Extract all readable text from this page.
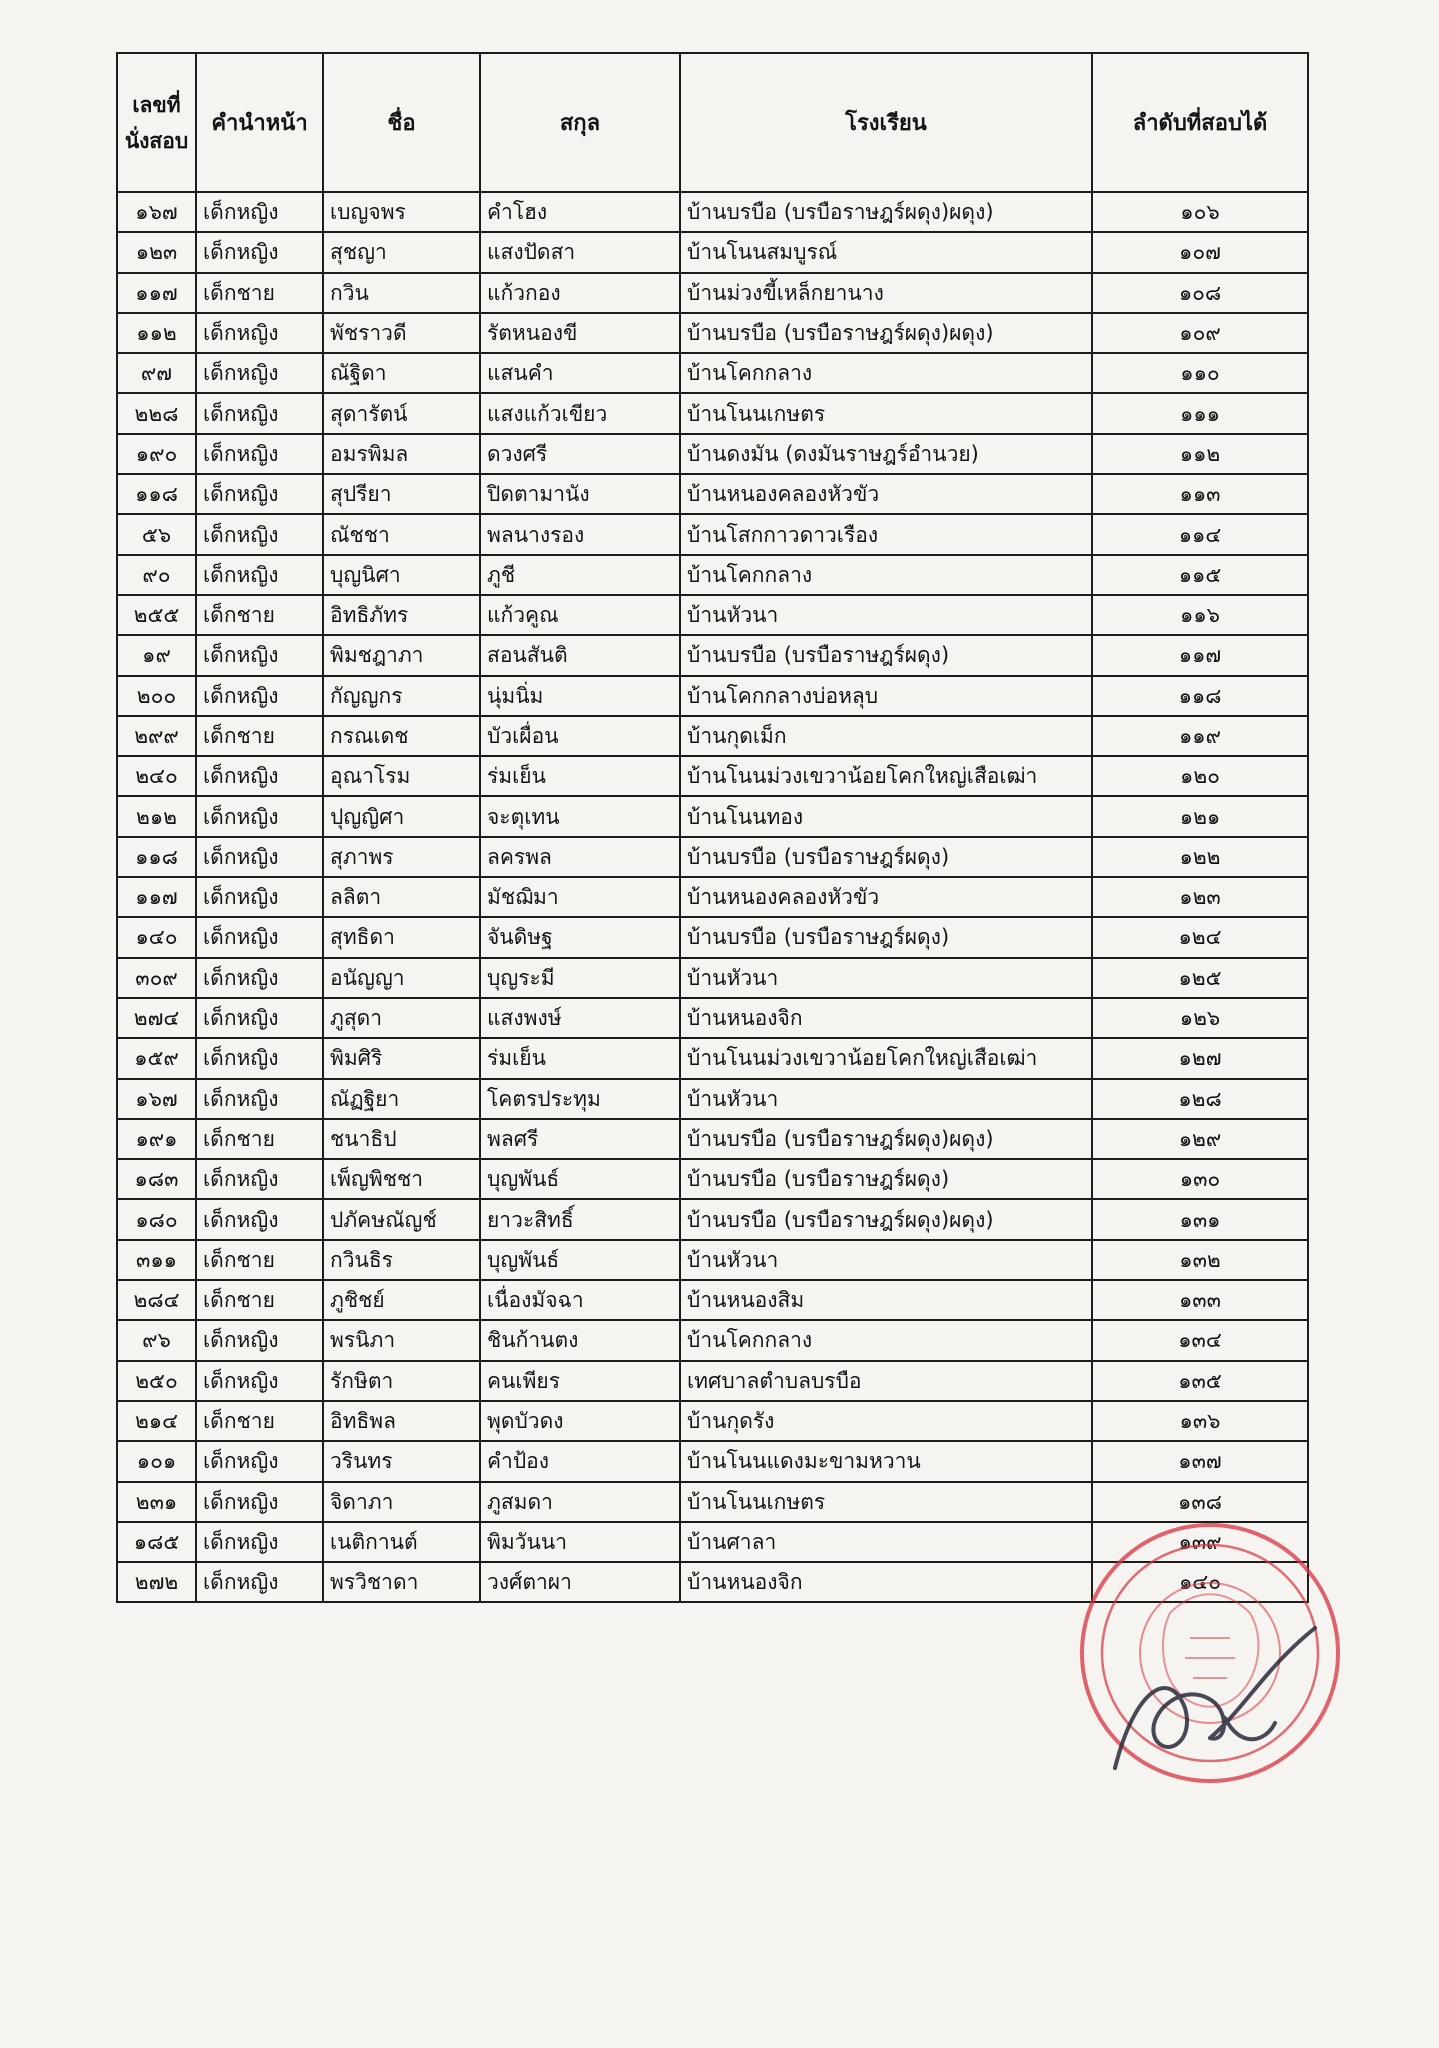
เลขที่นั่งสอบ	คำนำหน้า	ชื่อ	สกุล	โรงเรียน	ลำดับที่สอบได้
๑๖๗	เด็กหญิง	เบญจพร	คำโฮง	บ้านบรบือ (บรบือราษฎร์ผดุง)ผดุง)	๑๐๖
๑๒๓	เด็กหญิง	สุชญา	แสงปัดสา	บ้านโนนสมบูรณ์	๑๐๗
๑๑๗	เด็กชาย	กวิน	แก้วกอง	บ้านม่วงขี้เหล็กยานาง	๑๐๘
๑๑๒	เด็กหญิง	พัชราวดี	รัตหนองขี	บ้านบรบือ (บรบือราษฎร์ผดุง)ผดุง)	๑๐๙
๙๗	เด็กหญิง	ณัฐิดา	แสนคำ	บ้านโคกกลาง	๑๑๐
๒๒๘	เด็กหญิง	สุดารัตน์	แสงแก้วเขียว	บ้านโนนเกษตร	๑๑๑
๑๙๐	เด็กหญิง	อมรพิมล	ดวงศรี	บ้านดงมัน (ดงมันราษฎร์อำนวย)	๑๑๒
๑๑๘	เด็กหญิง	สุปรียา	ปิดตามานัง	บ้านหนองคลองหัวขัว	๑๑๓
๕๖	เด็กหญิง	ณัชชา	พลนางรอง	บ้านโสกกาวดาวเรือง	๑๑๔
๙๐	เด็กหญิง	บุญนิศา	ภูชี	บ้านโคกกลาง	๑๑๕
๒๕๕	เด็กชาย	อิทธิภัทร	แก้วคูณ	บ้านหัวนา	๑๑๖
๑๙	เด็กหญิง	พิมชฎาภา	สอนสันติ	บ้านบรบือ (บรบือราษฎร์ผดุง)	๑๑๗
๒๐๐	เด็กหญิง	กัญญกร	นุ่มนิ่ม	บ้านโคกกลางบ่อหลุบ	๑๑๘
๒๙๙	เด็กชาย	กรณเดช	บัวเผื่อน	บ้านกุดเม็ก	๑๑๙
๒๔๐	เด็กหญิง	อุณาโรม	ร่มเย็น	บ้านโนนม่วงเขวาน้อยโคกใหญ่เสือเฒ่า	๑๒๐
๒๑๒	เด็กหญิง	ปุญญิศา	จะตุเทน	บ้านโนนทอง	๑๒๑
๑๑๘	เด็กหญิง	สุภาพร	ลครพล	บ้านบรบือ (บรบือราษฎร์ผดุง)	๑๒๒
๑๑๗	เด็กหญิง	ลลิตา	มัชฌิมา	บ้านหนองคลองหัวขัว	๑๒๓
๑๔๐	เด็กหญิง	สุทธิดา	จันดิษฐ	บ้านบรบือ (บรบือราษฎร์ผดุง)	๑๒๔
๓๐๙	เด็กหญิง	อนัญญา	บุญระมี	บ้านหัวนา	๑๒๕
๒๗๔	เด็กหญิง	ภูสุดา	แสงพงษ์	บ้านหนองจิก	๑๒๖
๑๕๙	เด็กหญิง	พิมศิริ	ร่มเย็น	บ้านโนนม่วงเขวาน้อยโคกใหญ่เสือเฒ่า	๑๒๗
๑๖๗	เด็กหญิง	ณัฏฐิยา	โคตรประทุม	บ้านหัวนา	๑๒๘
๑๙๑	เด็กชาย	ชนาธิป	พลศรี	บ้านบรบือ (บรบือราษฎร์ผดุง)ผดุง)	๑๒๙
๑๘๓	เด็กหญิง	เพ็ญพิชชา	บุญพันธ์	บ้านบรบือ (บรบือราษฎร์ผดุง)	๑๓๐
๑๘๐	เด็กหญิง	ปภัคษณัญช์	ยาวะสิทธิ์	บ้านบรบือ (บรบือราษฎร์ผดุง)ผดุง)	๑๓๑
๓๑๑	เด็กชาย	กวินธิร	บุญพันธ์	บ้านหัวนา	๑๓๒
๒๘๔	เด็กชาย	ภูชิชย์	เนื่องมัจฉา	บ้านหนองสิม	๑๓๓
๙๖	เด็กหญิง	พรนิภา	ชินก้านตง	บ้านโคกกลาง	๑๓๔
๒๕๐	เด็กหญิง	รักษิตา	คนเพียร	เทศบาลตำบลบรบือ	๑๓๕
๒๑๔	เด็กชาย	อิทธิพล	พุดบัวดง	บ้านกุดรัง	๑๓๖
๑๐๑	เด็กหญิง	วรินทร	คำป้อง	บ้านโนนแดงมะขามหวาน	๑๓๗
๒๓๑	เด็กหญิง	จิดาภา	ภูสมดา	บ้านโนนเกษตร	๑๓๘
๑๘๕	เด็กหญิง	เนติกานต์	พิมวันนา	บ้านศาลา	๑๓๙
๒๗๒	เด็กหญิง	พรวิชาดา	วงศ์ตาผา	บ้านหนองจิก	๑๔๐
